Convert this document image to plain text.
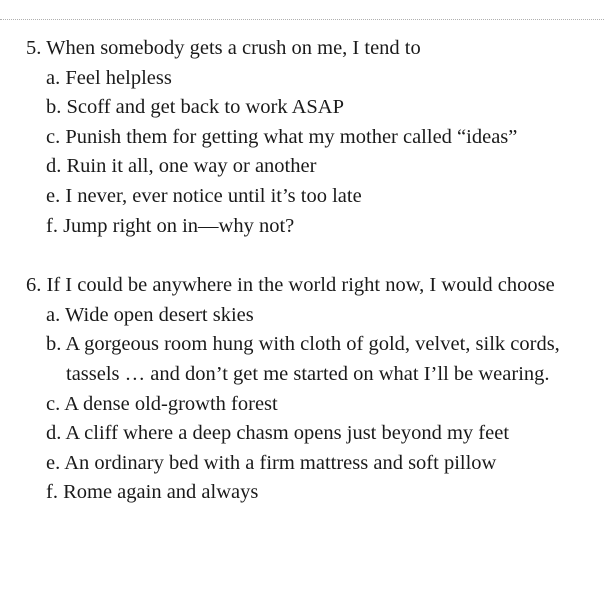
5. When somebody gets a crush on me, I tend to
a. Feel helpless
b. Scoff and get back to work ASAP
c. Punish them for getting what my mother called “ideas”
d. Ruin it all, one way or another
e. I never, ever notice until it’s too late
f. Jump right on in—why not?
6. If I could be anywhere in the world right now, I would choose
a. Wide open desert skies
b. A gorgeous room hung with cloth of gold, velvet, silk cords, tassels … and don’t get me started on what I’ll be wearing.
c. A dense old-growth forest
d. A cliff where a deep chasm opens just beyond my feet
e. An ordinary bed with a firm mattress and soft pillow
f. Rome again and always
